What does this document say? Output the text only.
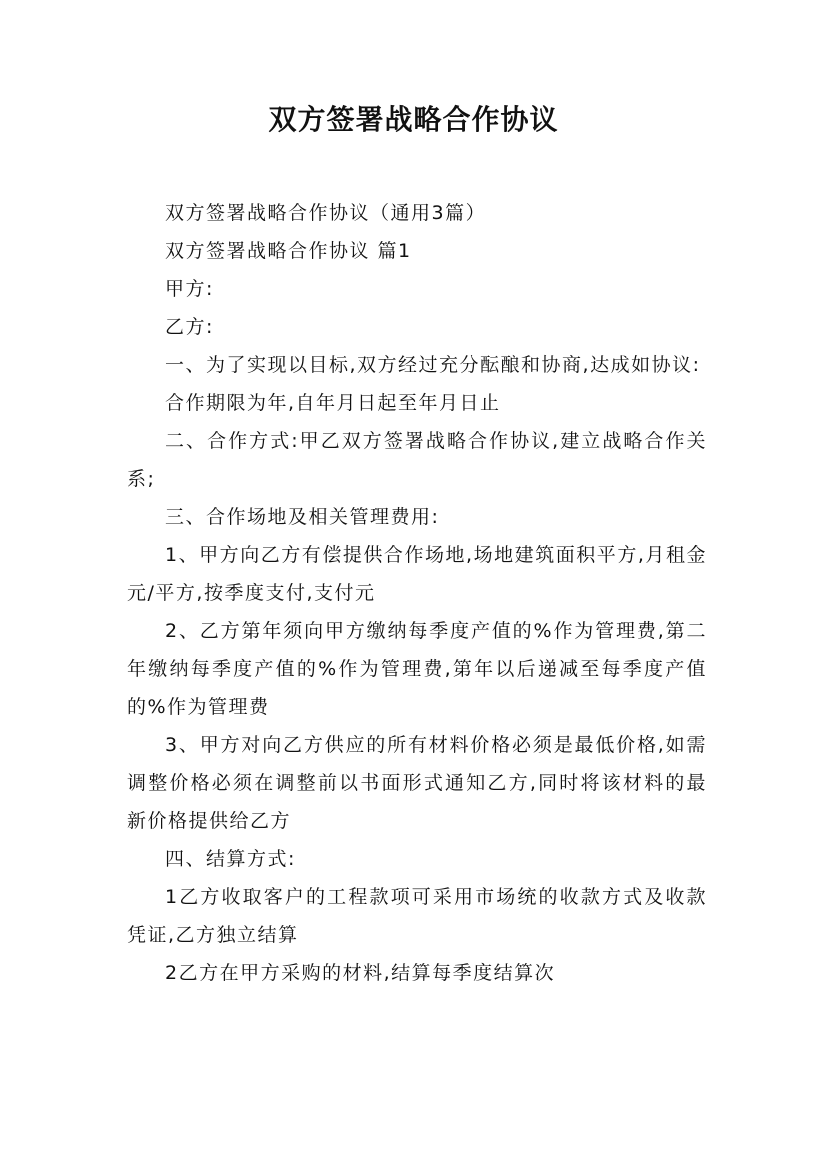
双方签署战略合作协议

双方签署战略合作协议（通用3篇）

双方签署战略合作协议 篇1

甲方:

乙方:

一、为了实现以目标,双方经过充分酝酿和协商,达成如协议:

合作期限为年,自年月日起至年月日止

二、合作方式:甲乙双方签署战略合作协议,建立战略合作关系;

三、合作场地及相关管理费用:

1、甲方向乙方有偿提供合作场地,场地建筑面积平方,月租金元/平方,按季度支付,支付元

2、乙方第年须向甲方缴纳每季度产值的%作为管理费,第二年缴纳每季度产值的%作为管理费,第年以后递减至每季度产值的%作为管理费

3、甲方对向乙方供应的所有材料价格必须是最低价格,如需调整价格必须在调整前以书面形式通知乙方,同时将该材料的最新价格提供给乙方

四、结算方式:

1乙方收取客户的工程款项可采用市场统的收款方式及收款凭证,乙方独立结算

2乙方在甲方采购的材料,结算每季度结算次
